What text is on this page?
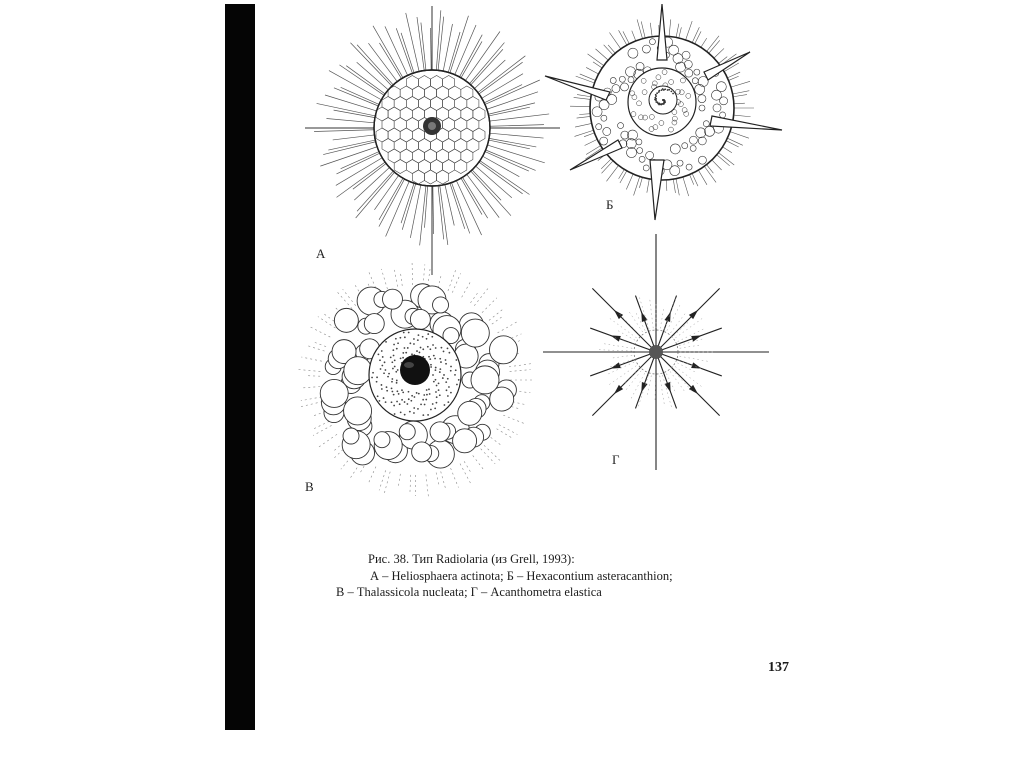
А
Б
В
Г
Рис. 38. Тип Radiolaria (из Grell, 1993):
А – Heliosphaera actinota; Б – Hexacontium asteracanthion;
В – Thalassicola nucleata; Г – Acanthometra elastica
137
